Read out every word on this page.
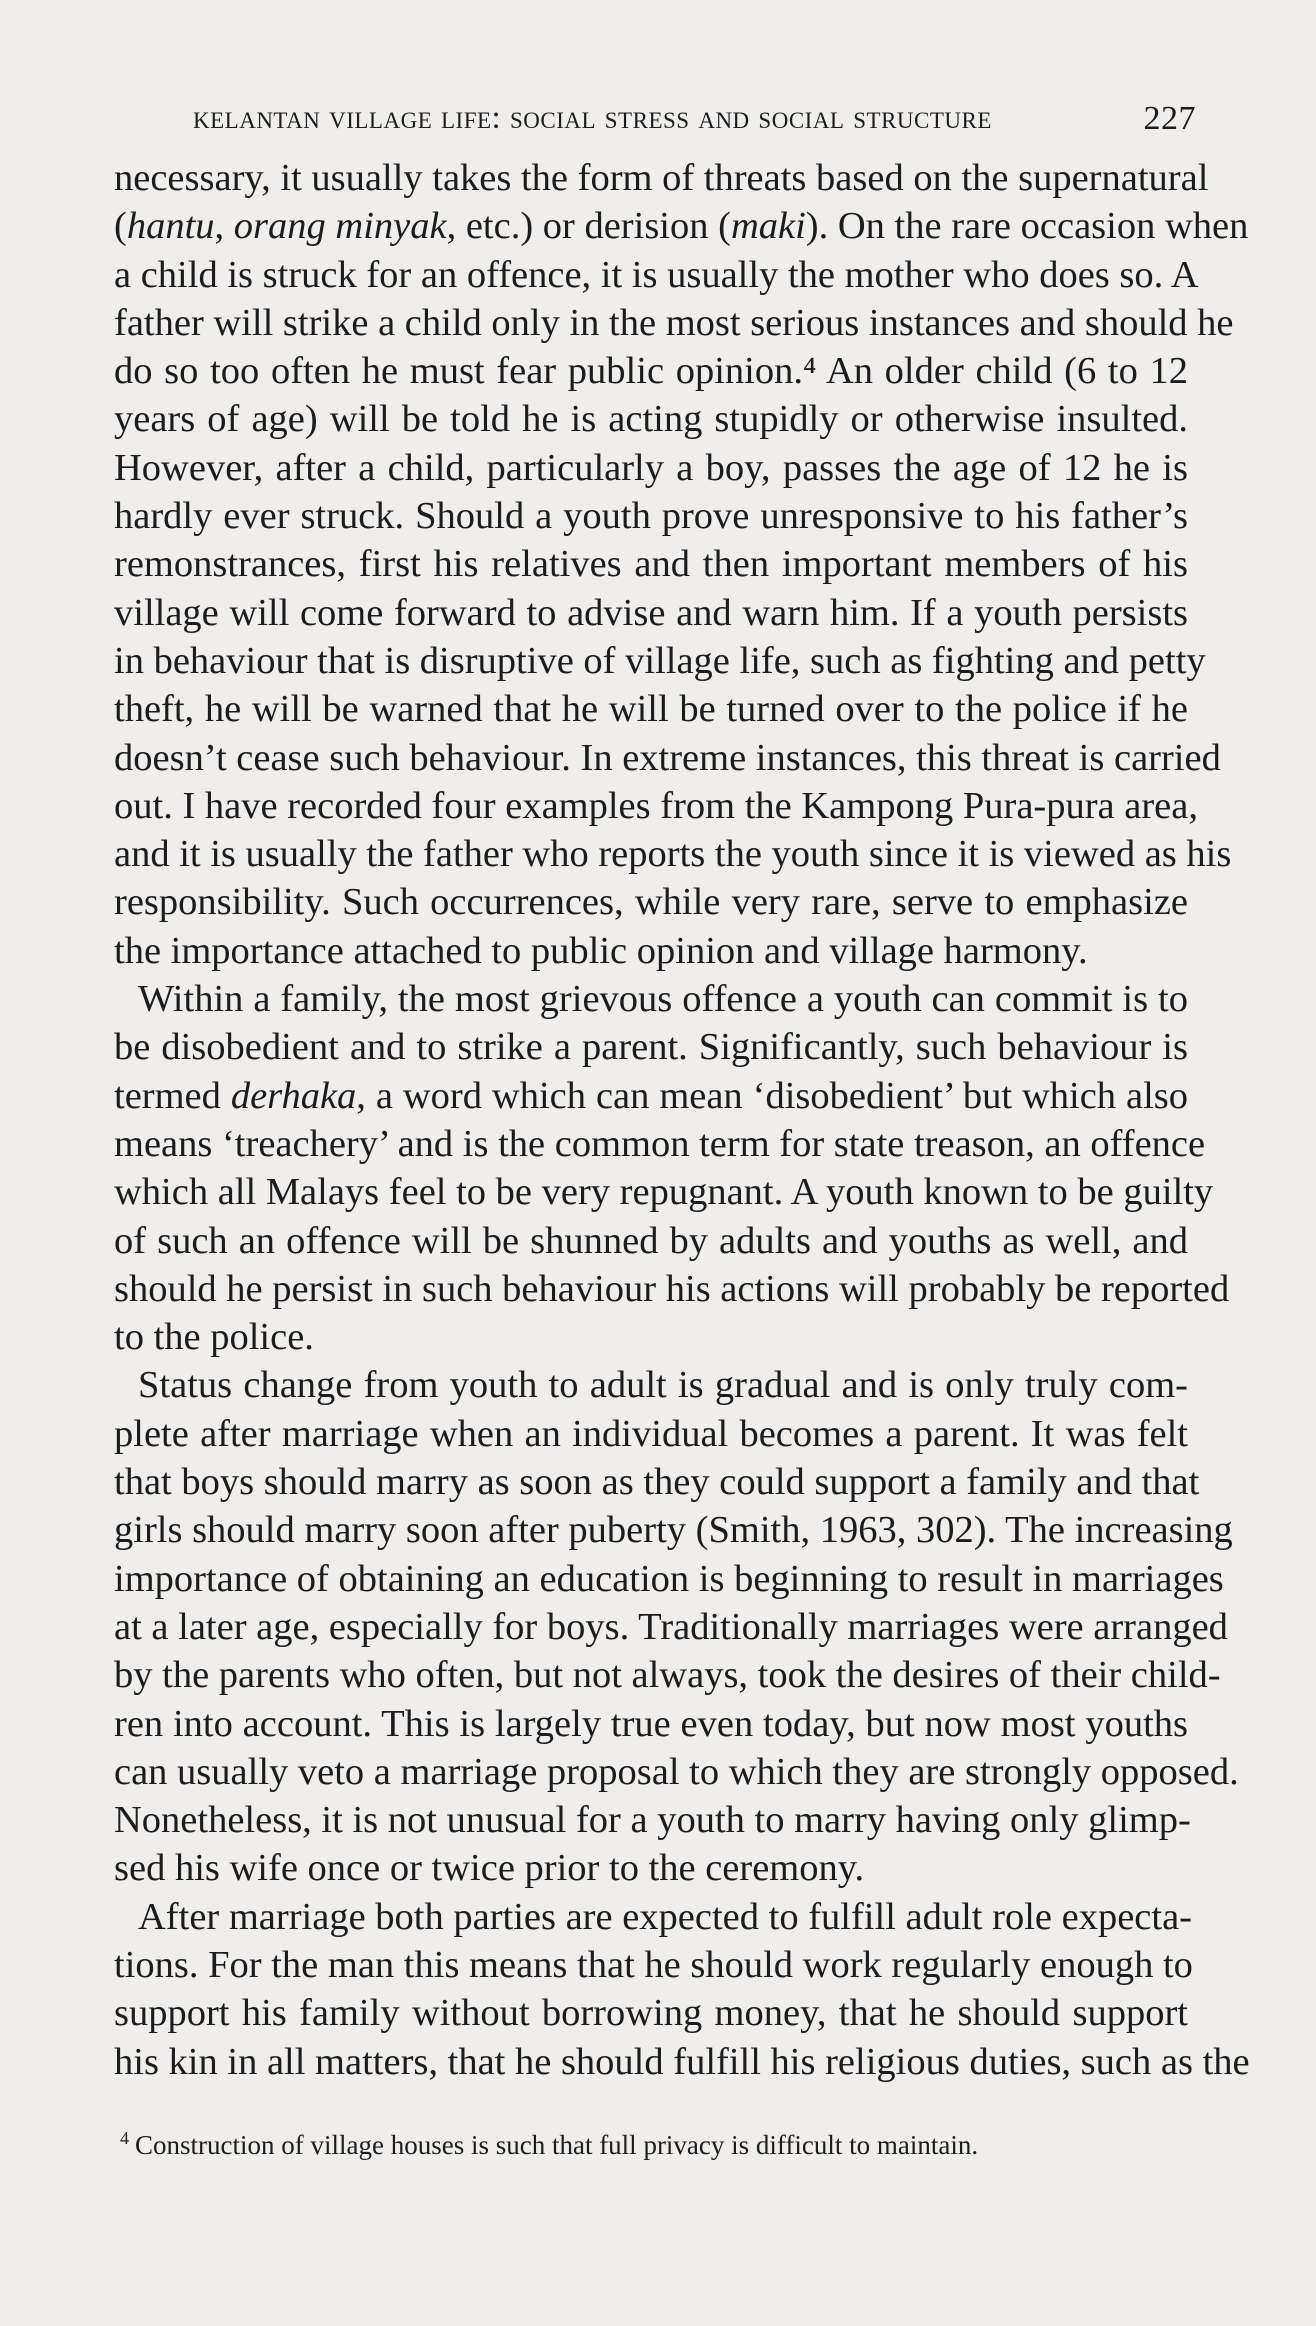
kelantan village life: social stress and social structure	227
necessary, it usually takes the form of threats based on the supernatural
(hantu, orang minyak, etc.) or derision (maki). On the rare occasion when
a child is struck for an offence, it is usually the mother who does so. A
father will strike a child only in the most serious instances and should he
do so too often he must fear public opinion.⁴ An older child (6 to 12
years of age) will be told he is acting stupidly or otherwise insulted.
However, after a child, particularly a boy, passes the age of 12 he is
hardly ever struck. Should a youth prove unresponsive to his father’s
remonstrances, first his relatives and then important members of his
village will come forward to advise and warn him. If a youth persists
in behaviour that is disruptive of village life, such as fighting and petty
theft, he will be warned that he will be turned over to the police if he
doesn’t cease such behaviour. In extreme instances, this threat is carried
out. I have recorded four examples from the Kampong Pura-pura area,
and it is usually the father who reports the youth since it is viewed as his
responsibility. Such occurrences, while very rare, serve to emphasize
the importance attached to public opinion and village harmony.
Within a family, the most grievous offence a youth can commit is to
be disobedient and to strike a parent. Significantly, such behaviour is
termed derhaka, a word which can mean ‘disobedient’ but which also
means ‘treachery’ and is the common term for state treason, an offence
which all Malays feel to be very repugnant. A youth known to be guilty
of such an offence will be shunned by adults and youths as well, and
should he persist in such behaviour his actions will probably be reported
to the police.
Status change from youth to adult is gradual and is only truly com-
plete after marriage when an individual becomes a parent. It was felt
that boys should marry as soon as they could support a family and that
girls should marry soon after puberty (Smith, 1963, 302). The increasing
importance of obtaining an education is beginning to result in marriages
at a later age, especially for boys. Traditionally marriages were arranged
by the parents who often, but not always, took the desires of their child-
ren into account. This is largely true even today, but now most youths
can usually veto a marriage proposal to which they are strongly opposed.
Nonetheless, it is not unusual for a youth to marry having only glimp-
sed his wife once or twice prior to the ceremony.
After marriage both parties are expected to fulfill adult role expecta-
tions. For the man this means that he should work regularly enough to
support his family without borrowing money, that he should support
his kin in all matters, that he should fulfill his religious duties, such as the
$^4$ Construction of village houses is such that full privacy is difficult to maintain.
